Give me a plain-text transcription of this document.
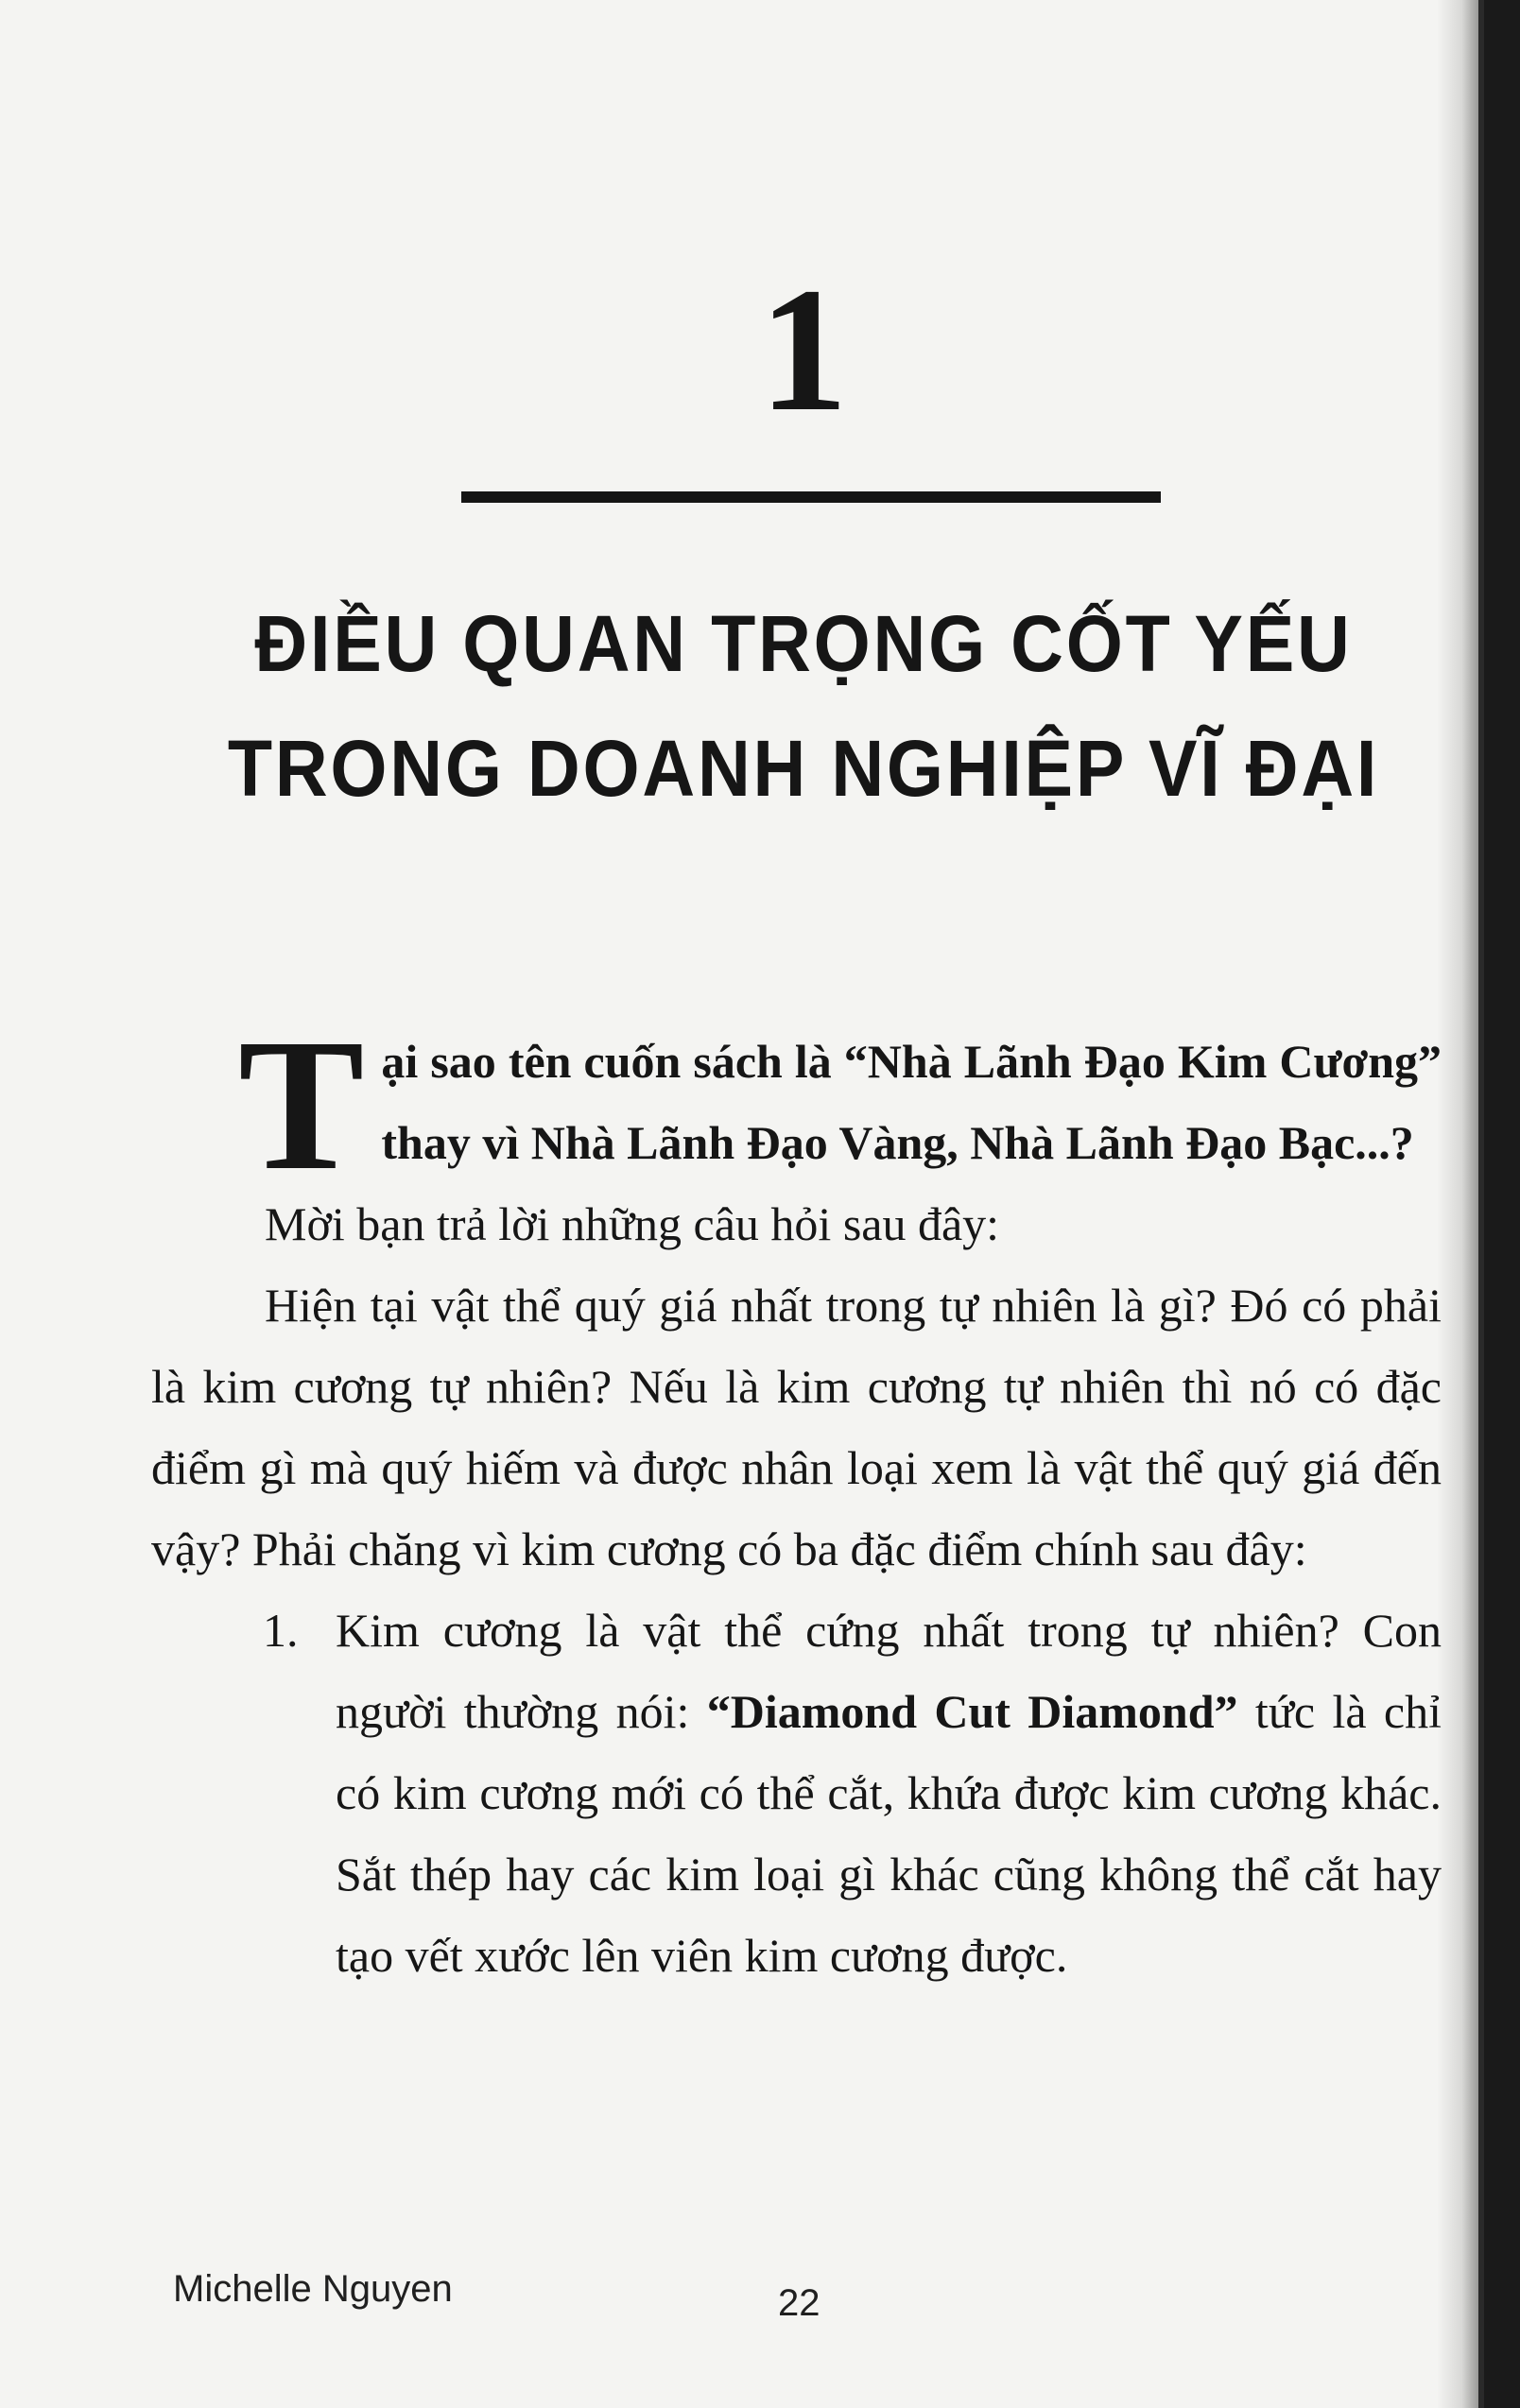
1
ĐIỀU QUAN TRỌNG CỐT YẾU
TRONG DOANH NGHIỆP VĨ ĐẠI

Tại sao tên cuốn sách là “Nhà Lãnh Đạo Kim Cương” thay vì Nhà Lãnh Đạo Vàng, Nhà Lãnh Đạo Bạc...?

Mời bạn trả lời những câu hỏi sau đây:

Hiện tại vật thể quý giá nhất trong tự nhiên là gì? Đó có phải là kim cương tự nhiên? Nếu là kim cương tự nhiên thì nó có đặc điểm gì mà quý hiếm và được nhân loại xem là vật thể quý giá đến vậy? Phải chăng vì kim cương có ba đặc điểm chính sau đây:

1. Kim cương là vật thể cứng nhất trong tự nhiên? Con người thường nói: “Diamond Cut Diamond” tức là chỉ có kim cương mới có thể cắt, khứa được kim cương khác. Sắt thép hay các kim loại gì khác cũng không thể cắt hay tạo vết xước lên viên kim cương được.
Michelle Nguyen	22
